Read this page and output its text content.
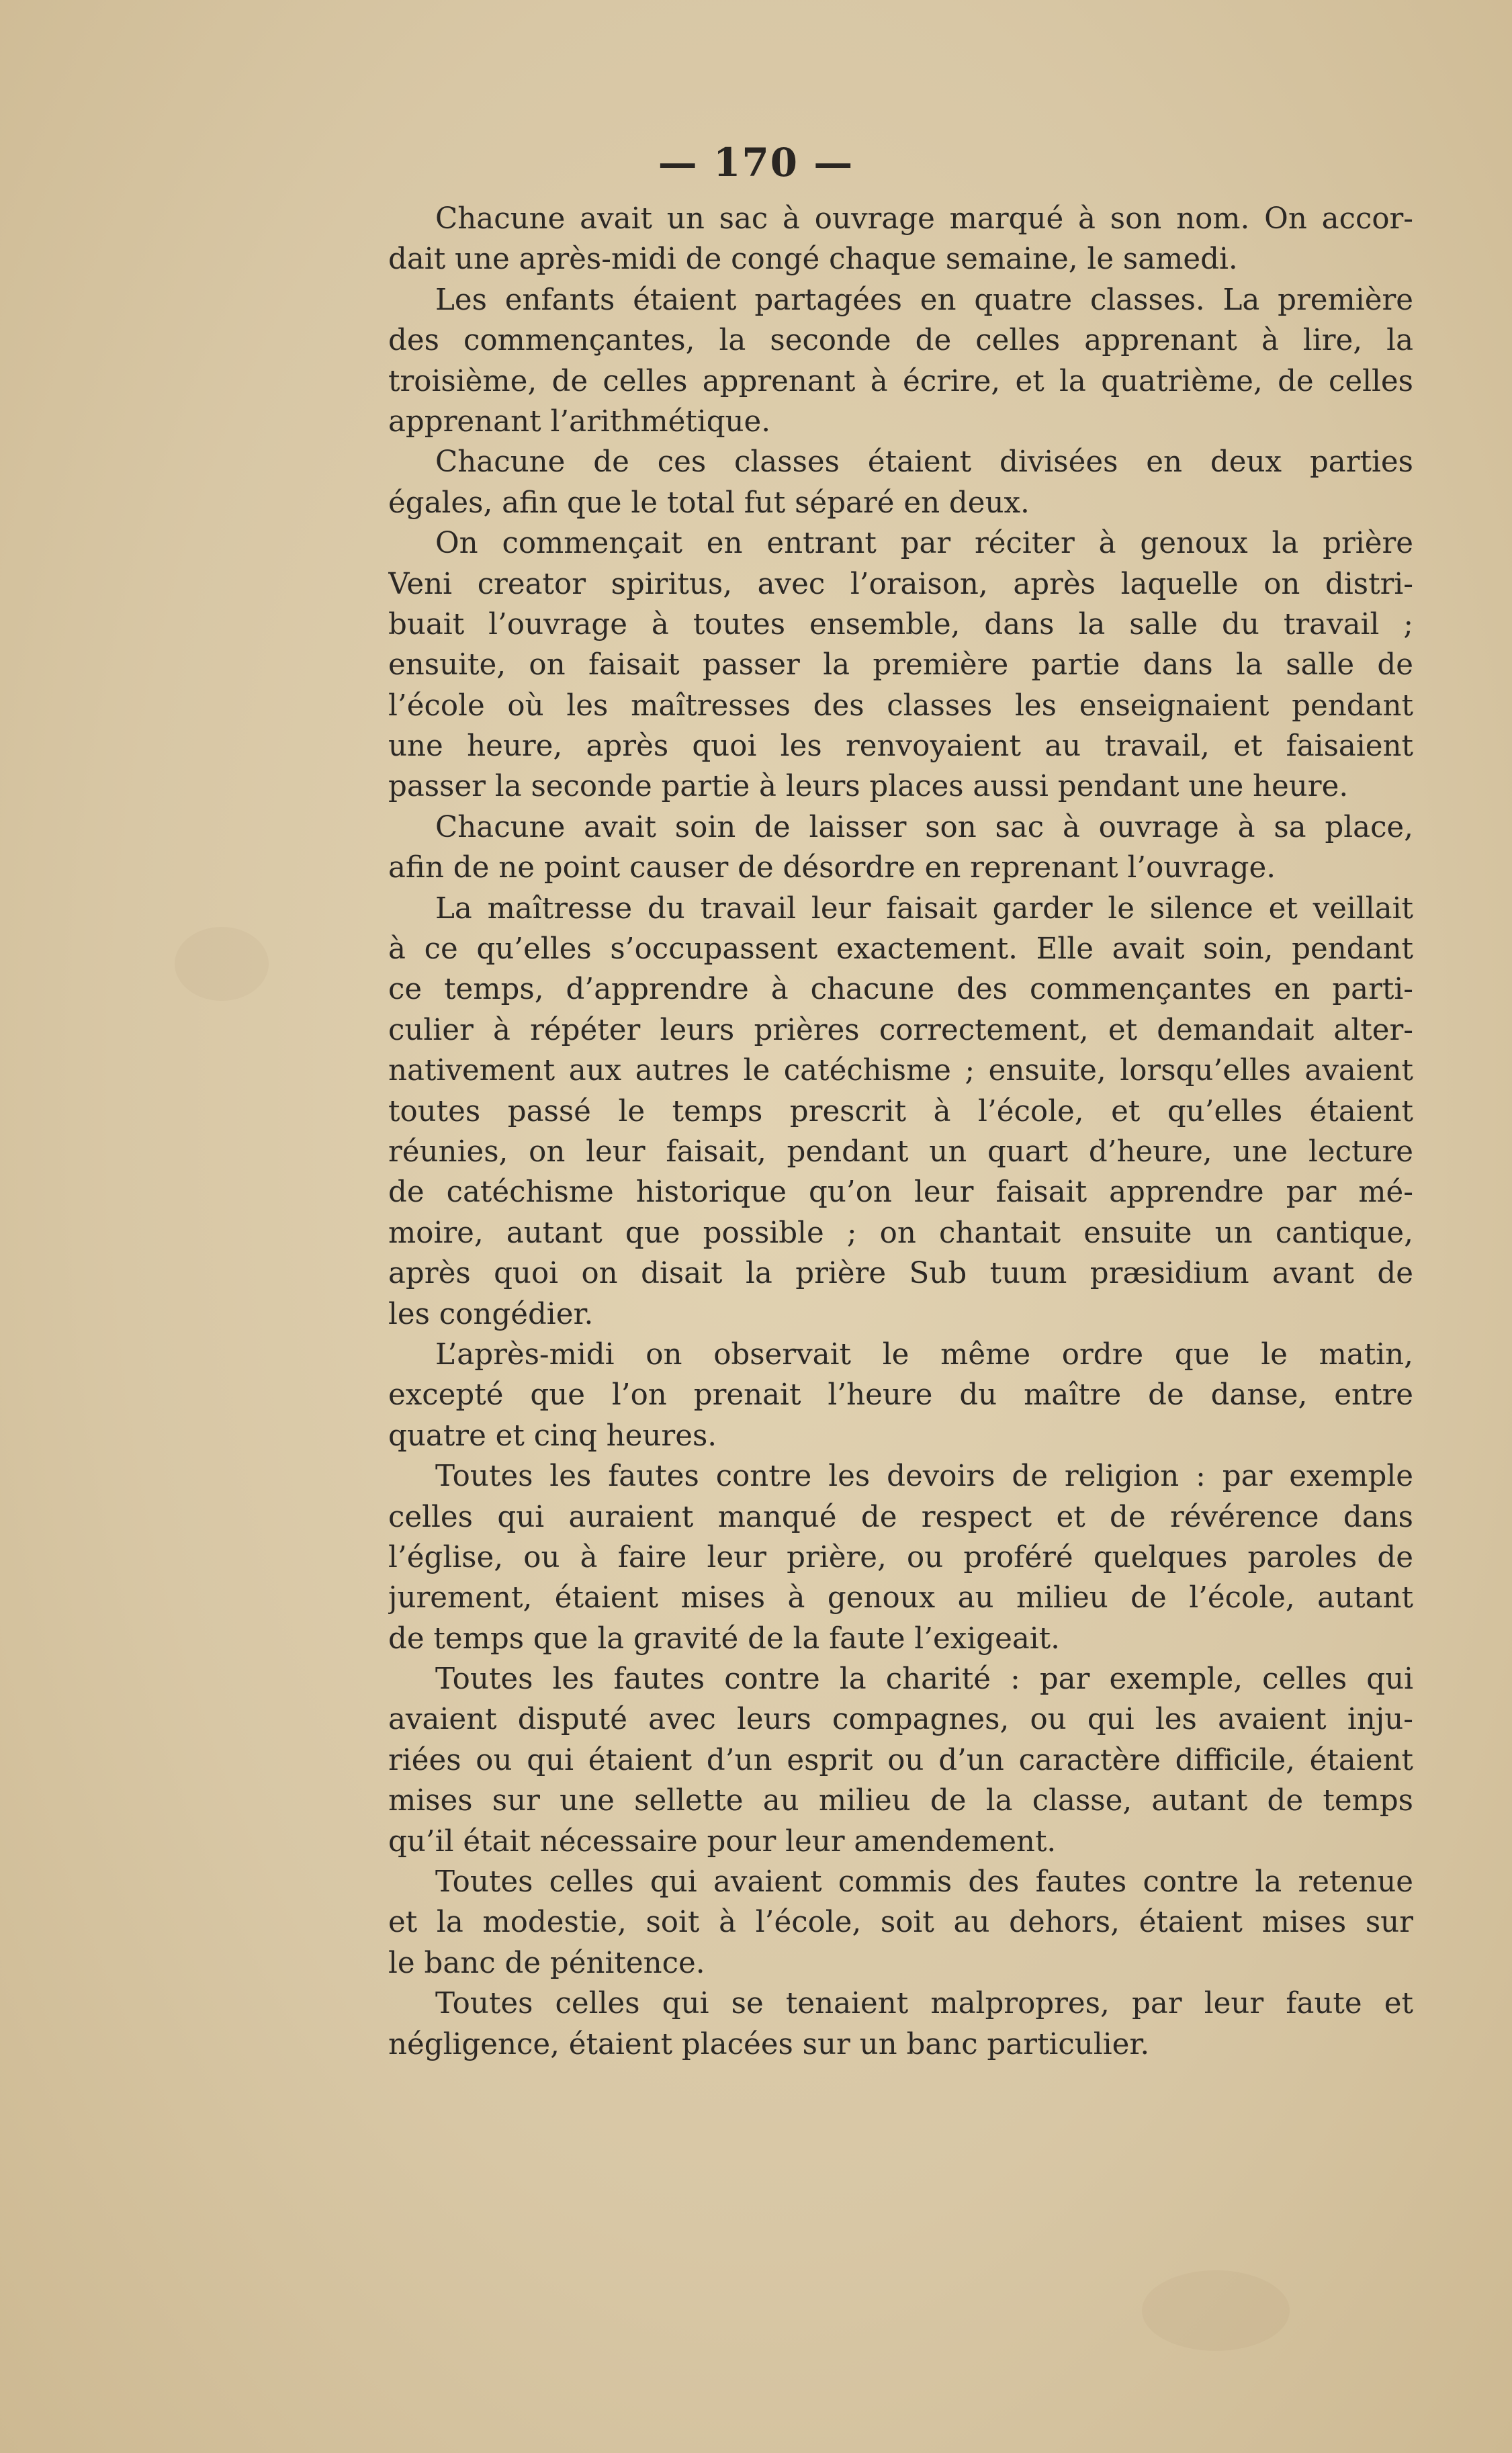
— 170 —
Chacune avait un sac à ouvrage marqué à son nom. On accor-
dait une après-midi de congé chaque semaine, le samedi.
Les enfants étaient partagées en quatre classes. La première
des commençantes, la seconde de celles apprenant à lire, la
troisième, de celles apprenant à écrire, et la quatrième, de celles
apprenant l’arithmétique.
Chacune de ces classes étaient divisées en deux parties
égales, afin que le total fut séparé en deux.
On commençait en entrant par réciter à genoux la prière
Veni creator spiritus, avec l’oraison, après laquelle on distri-
buait l’ouvrage à toutes ensemble, dans la salle du travail ;
ensuite, on faisait passer la première partie dans la salle de
l’école où les maîtresses des classes les enseignaient pendant
une heure, après quoi les renvoyaient au travail, et faisaient
passer la seconde partie à leurs places aussi pendant une heure.
Chacune avait soin de laisser son sac à ouvrage à sa place,
afin de ne point causer de désordre en reprenant l’ouvrage.
La maîtresse du travail leur faisait garder le silence et veillait
à ce qu’elles s’occupassent exactement. Elle avait soin, pendant
ce temps, d’apprendre à chacune des commençantes en parti-
culier à répéter leurs prières correctement, et demandait alter-
nativement aux autres le catéchisme ; ensuite, lorsqu’elles avaient
toutes passé le temps prescrit à l’école, et qu’elles étaient
réunies, on leur faisait, pendant un quart d’heure, une lecture
de catéchisme historique qu’on leur faisait apprendre par mé-
moire, autant que possible ; on chantait ensuite un cantique,
après quoi on disait la prière Sub tuum præsidium avant de
les congédier.
L’après-midi on observait le même ordre que le matin,
excepté que l’on prenait l’heure du maître de danse, entre
quatre et cinq heures.
Toutes les fautes contre les devoirs de religion : par exemple
celles qui auraient manqué de respect et de révérence dans
l’église, ou à faire leur prière, ou proféré quelques paroles de
jurement, étaient mises à genoux au milieu de l’école, autant
de temps que la gravité de la faute l’exigeait.
Toutes les fautes contre la charité : par exemple, celles qui
avaient disputé avec leurs compagnes, ou qui les avaient inju-
riées ou qui étaient d’un esprit ou d’un caractère difficile, étaient
mises sur une sellette au milieu de la classe, autant de temps
qu’il était nécessaire pour leur amendement.
Toutes celles qui avaient commis des fautes contre la retenue
et la modestie, soit à l’école, soit au dehors, étaient mises sur
le banc de pénitence.
Toutes celles qui se tenaient malpropres, par leur faute et
négligence, étaient placées sur un banc particulier.
